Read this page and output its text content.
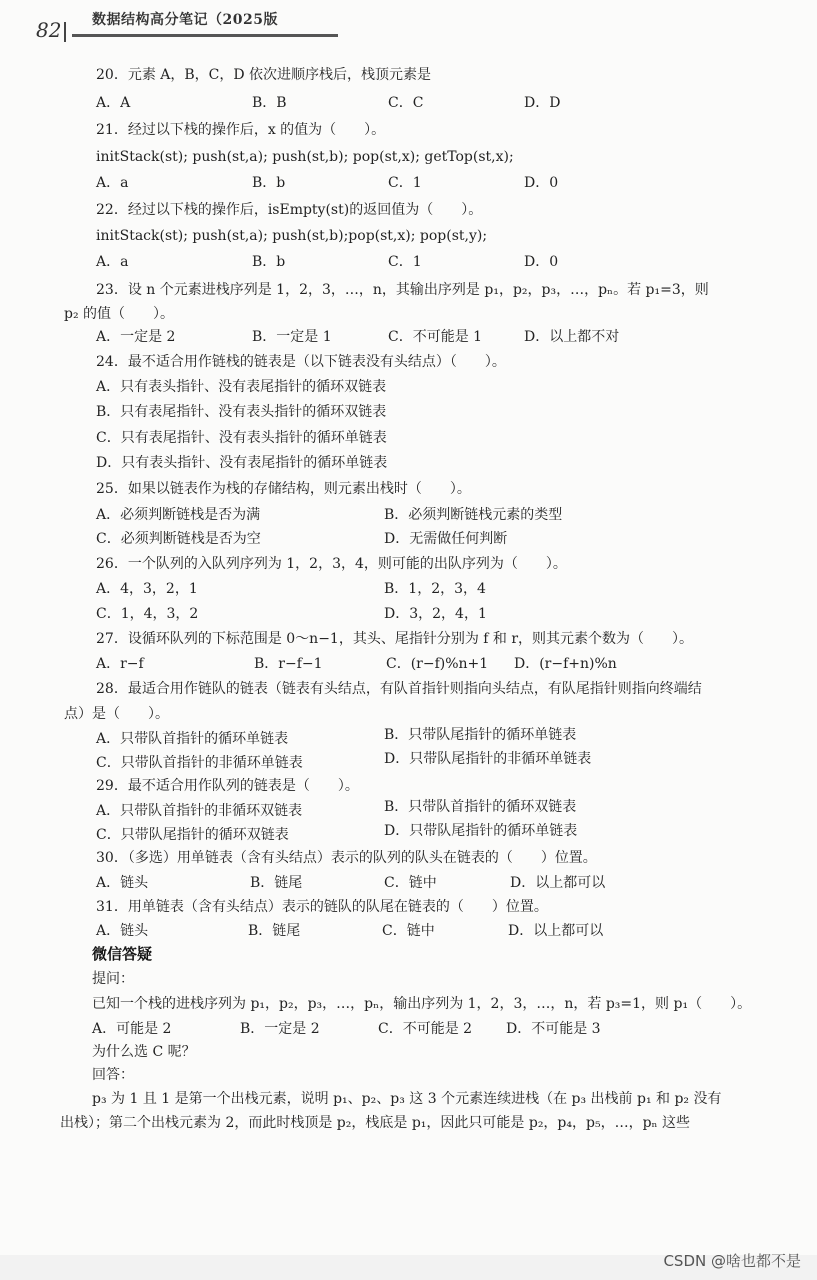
82 数据结构高分笔记（2025版
20．元素 A，B，C，D 依次进顺序栈后，栈顶元素是
A．A	B．B	C．C	D．D
21．经过以下栈的操作后，x 的值为（　　）。
initStack(st); push(st,a); push(st,b); pop(st,x); getTop(st,x);
A．a	B．b	C．1	D．0
22．经过以下栈的操作后，isEmpty(st)的返回值为（　　）。
initStack(st); push(st,a); push(st,b);pop(st,x); pop(st,y);
A．a	B．b	C．1	D．0
23．设 n 个元素进栈序列是 1，2，3，…，n，其输出序列是 p₁，p₂，p₃，…，pₙ。若 p₁=3，则
p₂ 的值（　　）。
A．一定是 2	B．一定是 1	C．不可能是 1	D．以上都不对
24．最不适合用作链栈的链表是（以下链表没有头结点）（　　）。
A．只有表头指针、没有表尾指针的循环双链表
B．只有表尾指针、没有表头指针的循环双链表
C．只有表尾指针、没有表头指针的循环单链表
D．只有表头指针、没有表尾指针的循环单链表
25．如果以链表作为栈的存储结构，则元素出栈时（　　）。
A．必须判断链栈是否为满	B．必须判断链栈元素的类型
C．必须判断链栈是否为空	D．无需做任何判断
26．一个队列的入队列序列为 1，2，3，4，则可能的出队序列为（　　）。
A．4，3，2，1	B．1，2，3，4
C．1，4，3，2	D．3，2，4，1
27．设循环队列的下标范围是 0～n−1，其头、尾指针分别为 f 和 r，则其元素个数为（　　）。
A．r−f	B．r−f−1	C．(r−f)%n+1 D．(r−f+n)%n
28．最适合用作链队的链表（链表有头结点，有队首指针则指向头结点，有队尾指针则指向终端结
点）是（　　）。
A．只带队首指针的循环单链表	B．只带队尾指针的循环单链表
C．只带队首指针的非循环单链表	D．只带队尾指针的非循环单链表
29．最不适合用作队列的链表是（　　）。
A．只带队首指针的非循环双链表	B．只带队首指针的循环双链表
C．只带队尾指针的循环双链表	D．只带队尾指针的循环单链表
30．（多选）用单链表（含有头结点）表示的队列的队头在链表的（　　）位置。
A．链头	B．链尾	C．链中	D．以上都可以
31．用单链表（含有头结点）表示的链队的队尾在链表的（　　）位置。
A．链头	B．链尾	C．链中	D．以上都可以
微信答疑
提问：
已知一个栈的进栈序列为 p₁，p₂，p₃，…，pₙ，输出序列为 1，2，3，…，n，若 p₃=1，则 p₁（　　）。
A．可能是 2	B．一定是 2	C．不可能是 2 D．不可能是 3
为什么选 C 呢？
回答：
p₃ 为 1 且 1 是第一个出栈元素，说明 p₁、p₂、p₃ 这 3 个元素连续进栈（在 p₃ 出栈前 p₁ 和 p₂ 没有
出栈）；第二个出栈元素为 2，而此时栈顶是 p₂，栈底是 p₁，因此只可能是 p₂，p₄，p₅，…，pₙ 这些
CSDN @啥也都不是
